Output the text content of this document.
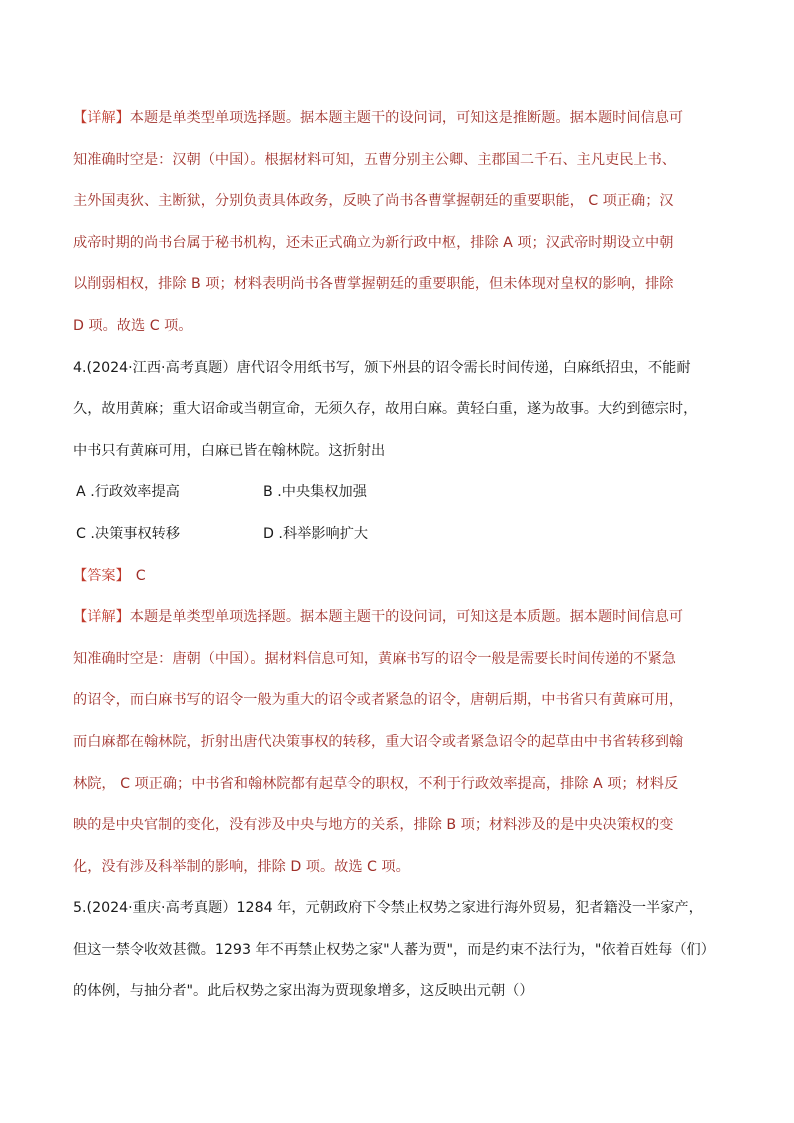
【详解】本题是单类型单项选择题。据本题主题干的设问词，可知这是推断题。据本题时间信息可
知准确时空是：汉朝（中国）。根据材料可知，五曹分别主公卿、主郡国二千石、主凡吏民上书、
主外国夷狄、主断狱，分别负责具体政务，反映了尚书各曹掌握朝廷的重要职能， C 项正确；汉
成帝时期的尚书台属于秘书机构，还未正式确立为新行政中枢，排除 A 项；汉武帝时期设立中朝
以削弱相权，排除 B 项；材料表明尚书各曹掌握朝廷的重要职能，但未体现对皇权的影响，排除
D 项。故选 C 项。
4.(2024·江西·高考真题）唐代诏令用纸书写，颁下州县的诏令需长时间传递，白麻纸招虫，不能耐
久，故用黄麻；重大诏命或当朝宣命，无须久存，故用白麻。黄轻白重，遂为故事。大约到德宗时，
中书只有黄麻可用，白麻已皆在翰林院。这折射出
A .行政效率提高	B .中央集权加强
C .决策事权转移	D .科举影响扩大
【答案】 C
【详解】本题是单类型单项选择题。据本题主题干的设问词，可知这是本质题。据本题时间信息可
知准确时空是：唐朝（中国）。据材料信息可知，黄麻书写的诏令一般是需要长时间传递的不紧急
的诏令，而白麻书写的诏令一般为重大的诏令或者紧急的诏令，唐朝后期，中书省只有黄麻可用，
而白麻都在翰林院，折射出唐代决策事权的转移，重大诏令或者紧急诏令的起草由中书省转移到翰
林院， C 项正确；中书省和翰林院都有起草令的职权，不利于行政效率提高，排除 A 项；材料反
映的是中央官制的变化，没有涉及中央与地方的关系，排除 B 项；材料涉及的是中央决策权的变
化，没有涉及科举制的影响，排除 D 项。故选 C 项。
5.(2024·重庆·高考真题）1284 年，元朝政府下令禁止权势之家进行海外贸易，犯者籍没一半家产，
但这一禁令收效甚微。1293 年不再禁止权势之家"人蕃为贾"，而是约束不法行为，"依着百姓每（们）
的体例，与抽分者"。此后权势之家出海为贾现象增多，这反映出元朝（）
